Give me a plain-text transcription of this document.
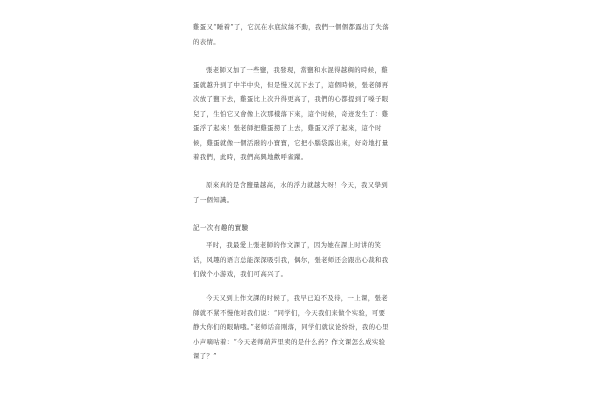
雞蛋又“睡着”了，它沉在水底紋絲不動，我們一個個都露出了失落的表情。

張老師又加了一些鹽，我發現，當鹽和水混得越稠的時候，雞蛋就越升到了中半中央，但是慢又沉下去了，這個時候，張老師再次放了鹽下去，雞蛋比上次升得更高了，我們的心都提到了嗓子眼兒了，生怕它又會像上次那樣落下來，這个时候，奇迹发生了：雞蛋浮了起來！張老師把雞蛋撈了上去，雞蛋又浮了起來，這个时候，雞蛋就像一個活潑的小寶寶，它把小腦袋露出來，好奇地打量着我們，此時，我們高興地歡呼雀躍。

原來真的是含鹽量越高，水的浮力就越大呀！今天，我又學到了一個知識。

記一次有趣的實驗

平时，我最愛上張老師的作文課了，因为她在課上时讲的笑话，风趣的语言总能深深吸引我，偶尔，張老师还会跟出心裁和我们做个小游戏，我们可高兴了。

今天又到上作文課的时候了，我早已迫不及待，一上课，張老師就不紧不慢他对我们说：“同学们，今天我们来做个实验，可要静大你们的眼睛哦。”老师话音刚落，同学们就议论纷纷，我的心里小声嘀咕着：“今天老师葫芦里卖的是什么药？作文课怎么成实验课了？”
